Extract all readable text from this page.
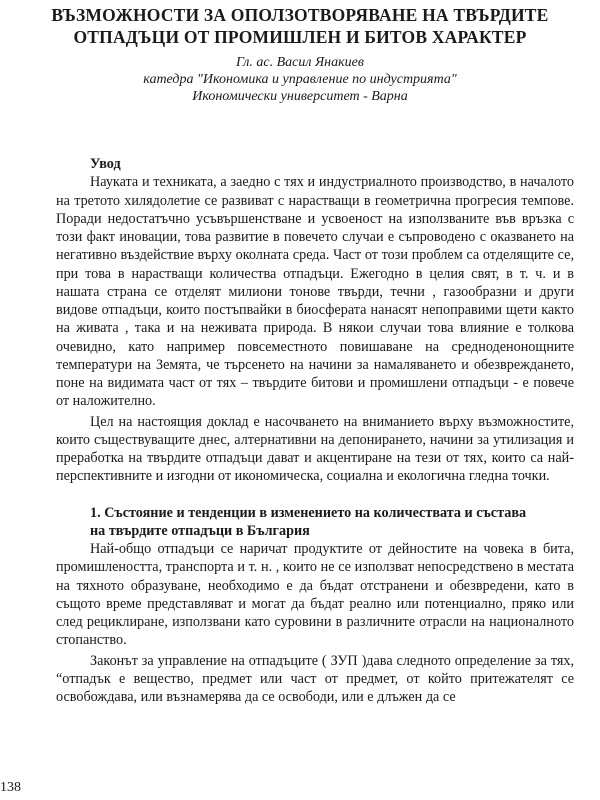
ВЪЗМОЖНОСТИ ЗА ОПОЛЗОТВОРЯВАНЕ НА ТВЪРДИТЕ ОТПАДЪЦИ ОТ ПРОМИШЛЕН И БИТОВ ХАРАКТЕР
Гл. ас. Васил Янакиев
катедра "Икономика и управление по индустрията"
Икономически университет - Варна
Увод

Науката и техниката, а заедно с тях и индустриалното производство, в началото на третото хилядолетие се развиват с нарастващи в геометрична прогресия темпове. Поради недостатъчно усъвършенстване и усвоеност на използваните във връзка с този факт иновации, това развитие в повечето случаи е съпроводено с оказването на негативно въздействие върху околната среда. Част от този проблем са отделящите се, при това в нарастващи количества отпадъци. Ежегодно в целия свят, в т. ч. и в нашата страна се отделят милиони тонове твърди, течни , газообразни и други видове отпадъци, които постъпвайки в биосферата нанасят непоправими щети както на живата , така и на неживата природа. В някои случаи това влияние е толкова очевидно, като например повсеместното повишаване на средноденонощните температури на Земята, че търсенето на начини за намаляването и обезвреждането, поне на видимата част от тях – твърдите битови и промишлени отпадъци - е повече от наложително.

Цел на настоящия доклад е насочването на вниманието върху възможностите, които съществуващите днес, алтернативни на депонирането, начини за утилизация и преработка на твърдите отпадъци дават и акцентиране на тези от тях, които са най-перспективните и изгодни от икономическа, социална и екологична гледна точки.

1. Състояние и тенденции в изменението на количествата и състава
на твърдите отпадъци в България

Най-общо отпадъци се наричат продуктите от дейностите на човека в бита, промишлеността, транспорта и т. н. , които не се използват непосредствено в местата на тяхното образуване, необходимо е да бъдат отстранени и обезвредени, като в същото време представляват и могат да бъдат реално или потенциално, пряко или след рециклиране, използвани като суровини в различните отрасли на националното стопанство.

Законът за управление на отпадъците ( ЗУП )дава следното определение за тях, “отпадък е вещество, предмет или част от предмет, от който притежателят се освобождава, или възнамерява да се освободи, или е длъжен да се

138
